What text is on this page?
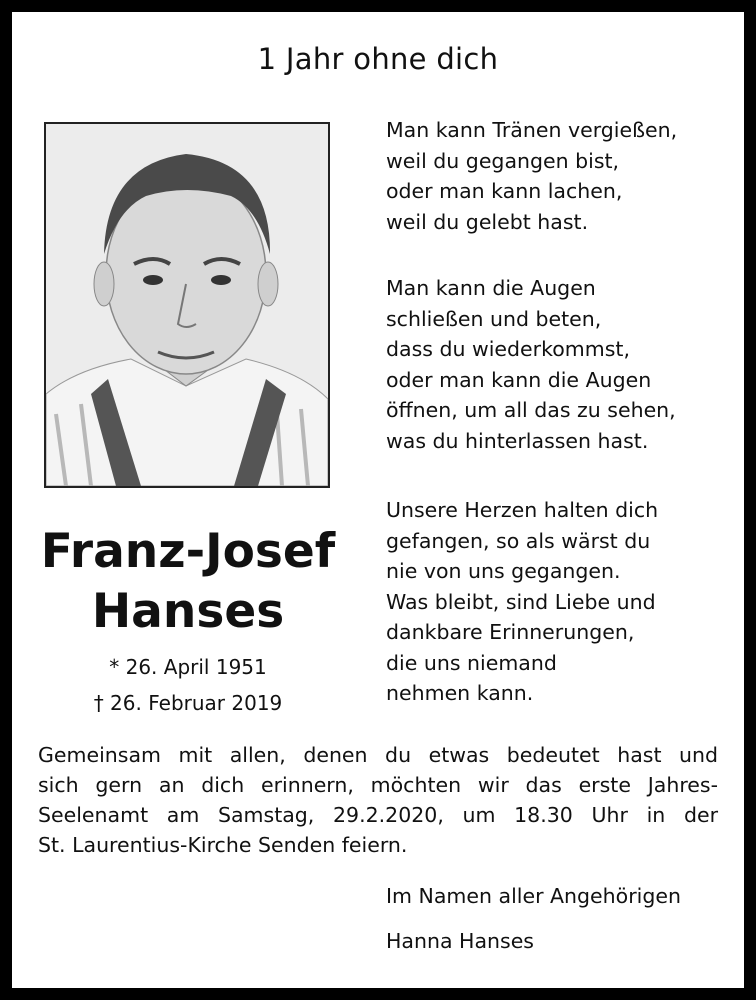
1 Jahr ohne dich
Franz-Josef
Hanses
* 26. April 1951
† 26. Februar 2019
Man kann Tränen vergießen,
weil du gegangen bist,
oder man kann lachen,
weil du gelebt hast.
Man kann die Augen
schließen und beten,
dass du wiederkommst,
oder man kann die Augen
öffnen, um all das zu sehen,
was du hinterlassen hast.
Unsere Herzen halten dich
gefangen, so als wärst du
nie von uns gegangen.
Was bleibt, sind Liebe und
dankbare Erinnerungen,
die uns niemand
nehmen kann.
Gemeinsam mit allen, denen du etwas bedeutet hast und
sich gern an dich erinnern, möchten wir das erste Jahres-
Seelenamt am Samstag, 29.2.2020, um 18.30 Uhr in der
St. Laurentius-Kirche Senden feiern.
Im Namen aller Angehörigen
Hanna Hanses
